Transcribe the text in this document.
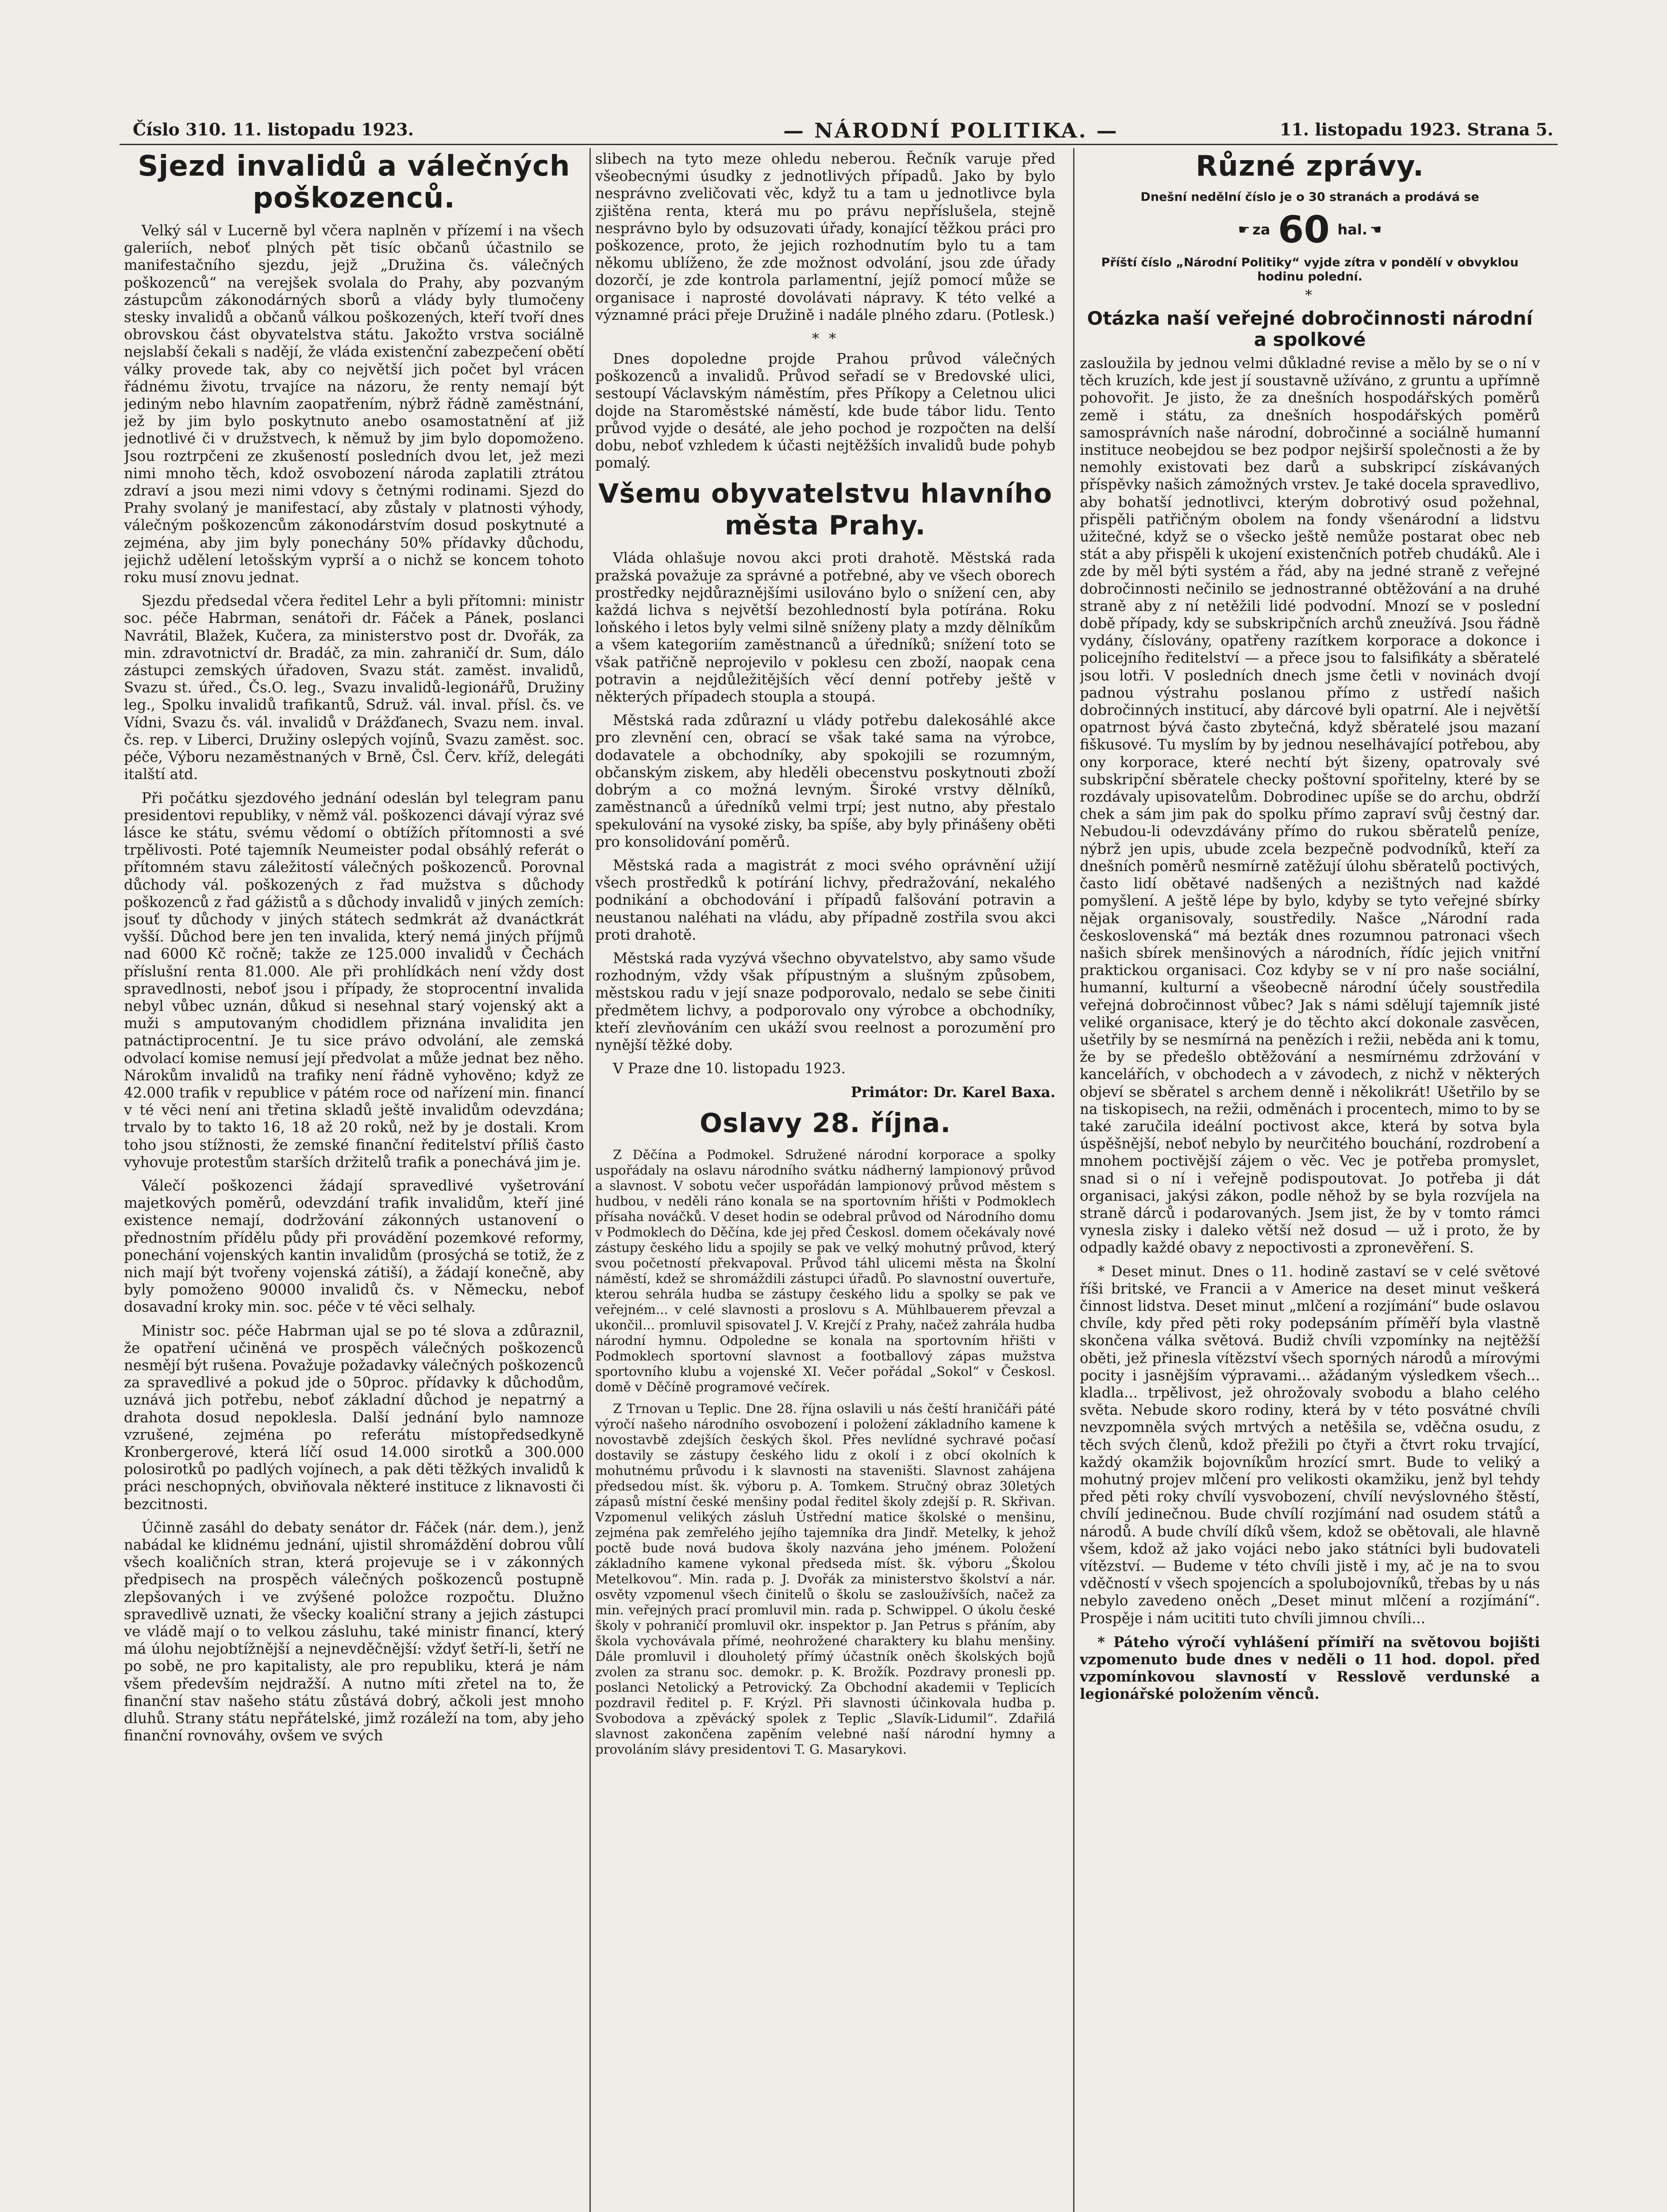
Číslo 310. 11. listopadu 1923.	— NÁRODNÍ POLITIKA. —	11. listopadu 1923. Strana 5.
Sjezd invalidů a válečných poškozenců.

Velký sál v Lucerně byl včera naplněn v přízemí i na všech galeriích, neboť plných pět tisíc občanů účastnilo se manifestačního sjezdu, jejž „Družina čs. válečných poškozenců“ na verejšek svolala do Prahy, aby pozvaným zástupcům zákonodárných sborů a vlády byly tlumočeny stesky invalidů a občanů válkou poškozených, kteří tvoří dnes obrovskou část obyvatelstva státu. Jakožto vrstva sociálně nejslabší čekali s nadějí, že vláda existenční zabezpečení obětí války provede tak, aby co největší jich počet byl vrácen řádnému životu, trvajíce na názoru, že renty nemají být jediným nebo hlavním zaopatřením, nýbrž řádně zaměstnání, jež by jim bylo poskytnuto anebo osamostatnění ať již jednotlivé či v družstvech, k němuž by jim bylo dopomoženo. Jsou roztrpčeni ze zkušeností posledních dvou let, jež mezi nimi mnoho těch, kdož osvobození národa zaplatili ztrátou zdraví a jsou mezi nimi vdovy s četnými rodinami. Sjezd do Prahy svolaný je manifestací, aby zůstaly v platnosti výhody, válečným poškozencům zákonodárstvím dosud poskytnuté a zejména, aby jim byly ponechány 50% přídavky důchodu, jejichž udělení letošským vyprší a o nichž se koncem tohoto roku musí znovu jednat.

Sjezdu předsedal včera ředitel Lehr a byli přítomni: ministr soc. péče Habrman, senátoři dr. Fáček a Pánek, poslanci Navrátil, Blažek, Kučera, za ministerstvo post dr. Dvořák, za min. zdravotnictví dr. Bradáč, za min. zahraničí dr. Sum, dálo zástupci zemských úřadoven, Svazu stát. zaměst. invalidů, Svazu st. úřed., Čs.O. leg., Svazu invalidů-legionářů, Družiny leg., Spolku invalidů trafikantů, Sdruž. vál. inval. přísl. čs. ve Vídni, Svazu čs. vál. invalidů v Drážďanech, Svazu nem. inval. čs. rep. v Liberci, Družiny oslepých vojínů, Svazu zaměst. soc. péče, Výboru nezaměstnaných v Brně, Čsl. Červ. kříž, delegáti italští atd.

Při počátku sjezdového jednání odeslán byl telegram panu presidentovi republiky, v němž vál. poškozenci dávají výraz své lásce ke státu, svému vědomí o obtížích přítomnosti a své trpělivosti. Poté tajemník Neumeister podal obsáhlý referát o přítomném stavu záležitostí válečných poškozenců. Porovnal důchody vál. poškozených z řad mužstva s důchody poškozenců z řad gážistů a s důchody invalidů v jiných zemích: jsouť ty důchody v jiných státech sedmkrát až dvanáctkrát vyšší. Důchod bere jen ten invalida, který nemá jiných příjmů nad 6000 Kč ročně; takže ze 125.000 invalidů v Čechách příslušní renta 81.000. Ale při prohlídkách není vždy dost spravedlnosti, neboť jsou i případy, že stoprocentní invalida nebyl vůbec uznán, důkud si nesehnal starý vojenský akt a muži s amputovaným chodidlem přiznána invalidita jen patnáctiprocentní. Je tu sice právo odvolání, ale zemská odvolací komise nemusí její předvolat a může jednat bez něho. Nárokům invalidů na trafiky není řádně vyhověno; když ze 42.000 trafik v republice v pátém roce od nařízení min. financí v té věci není ani třetina skladů ještě invalidům odevzdána; trvalo by to takto 16, 18 až 20 roků, než by je dostali. Krom toho jsou stížnosti, že zemské finanční ředitelství příliš často vyhovuje protestům starších držitelů trafik a ponechává jim je.

Válečí poškozenci žádají spravedlivé vyšetrování majetkových poměrů, odevzdání trafik invalidům, kteří jiné existence nemají, dodržování zákonných ustanovení o přednostním přídělu půdy při provádění pozemkové reformy, ponechání vojenských kantin invalidům (prosýchá se totiž, že z nich mají být tvořeny vojenská zátiší), a žádají konečně, aby byly pomoženo 90000 invalidů čs. v Německu, nebof dosavadní kroky min. soc. péče v té věci selhaly.

Ministr soc. péče Habrman ujal se po té slova a zdůraznil, že opatření učiněná ve prospěch válečných poškozenců nesmějí být rušena. Považuje požadavky válečných poškozenců za spravedlivé a pokud jde o 50proc. přídavky k důchodům, uznává jich potřebu, neboť základní důchod je nepatrný a drahota dosud nepoklesla. Další jednání bylo namnoze vzrušené, zejména po referátu místopředsedkyně Kronbergerové, která líčí osud 14.000 sirotků a 300.000 polosirotků po padlých vojínech, a pak děti těžkých invalidů k práci neschopných, obviňovala některé instituce z liknavosti či bezcitnosti.

Účinně zasáhl do debaty senátor dr. Fáček (nár. dem.), jenž nabádal ke klidnému jednání, ujistil shromáždění dobrou vůlí všech koaličních stran, která projevuje se i v zákonných předpisech na prospěch válečných poškozenců postupně zlepšovaných i ve zvýšené položce rozpočtu. Dlužno spravedlivě uznati, že všecky koaliční strany a jejich zástupci ve vládě mají o to velkou zásluhu, také ministr financí, který má úlohu nejobtížnější a nejnevděčnější: vždyť šetří-li, šetří ne po sobě, ne pro kapitalisty, ale pro republiku, která je nám všem především nejdražší. A nutno míti zřetel na to, že finanční stav našeho státu zůstává dobrý, ačkoli jest mnoho dluhů. Strany státu nepřátelské, jimž rozáleží na tom, aby jeho finanční rovnováhy, ovšem ve svých

slibech na tyto meze ohledu neberou. Řečník varuje před všeobecnými úsudky z jednotlivých případů. Jako by bylo nesprávno zveličovati věc, když tu a tam u jednotlivce byla zjištěna renta, která mu po právu nepříslušela, stejně nesprávno bylo by odsuzovati úřady, konající těžkou práci pro poškozence, proto, že jejich rozhodnutím bylo tu a tam někomu ublíženo, že zde možnost odvolání, jsou zde úřady dozorčí, je zde kontrola parlamentní, jejíž pomocí může se organisace i naprosté dovolávati nápravy. K této velké a významné práci přeje Družině i nadále plného zdaru. (Potlesk.)

* *

Dnes dopoledne projde Prahou průvod válečných poškozenců a invalidů. Průvod seřadí se v Bredovské ulici, sestoupí Václavským náměstím, přes Příkopy a Celetnou ulici dojde na Staroměstské náměstí, kde bude tábor lidu. Tento průvod vyjde o desáté, ale jeho pochod je rozpočten na delší dobu, neboť vzhledem k účasti nejtěžších invalidů bude pohyb pomalý.

Všemu obyvatelstvu hlavního města Prahy.

Vláda ohlašuje novou akci proti drahotě. Městská rada pražská považuje za správné a potřebné, aby ve všech oborech prostředky nejdůraznějšími usilováno bylo o snížení cen, aby každá lichva s největší bezohledností byla potírána. Roku loňského i letos byly velmi silně sníženy platy a mzdy dělníkům a všem kategoriím zaměstnanců a úředníků; snížení toto se však patřičně neprojevilo v poklesu cen zboží, naopak cena potravin a nejdůležitějších věcí denní potřeby ještě v některých případech stoupla a stoupá.

Městská rada zdůrazní u vlády potřebu dalekosáhlé akce pro zlevnění cen, obrací se však také sama na výrobce, dodavatele a obchodníky, aby spokojili se rozumným, občanským ziskem, aby hleděli obecenstvu poskytnouti zboží dobrým a co možná levným. Široké vrstvy dělníků, zaměstnanců a úředníků velmi trpí; jest nutno, aby přestalo spekulování na vysoké zisky, ba spíše, aby byly přinášeny oběti pro konsolidování poměrů.

Městská rada a magistrát z moci svého oprávnění užijí všech prostředků k potírání lichvy, předražování, nekalého podnikání a obchodování i případů falšování potravin a neustanou naléhati na vládu, aby případně zostřila svou akci proti drahotě.

Městská rada vyzývá všechno obyvatelstvo, aby samo všude rozhodným, vždy však přípustným a slušným způsobem, městskou radu v její snaze podporovalo, nedalo se sebe činiti předmětem lichvy, a podporovalo ony výrobce a obchodníky, kteří zlevňováním cen ukáží svou reelnost a porozumění pro nynější těžké doby.

V Praze dne 10. listopadu 1923.

Primátor: Dr. Karel Baxa.

Oslavy 28. října.

Z Děčína a Podmokel. Sdružené národní korporace a spolky uspořádaly na oslavu národního svátku nádherný lampionový průvod a slavnost. V sobotu večer uspořádán lampionový průvod městem s hudbou, v neděli ráno konala se na sportovním hřišti v Podmoklech přísaha nováčků. V deset hodin se odebral průvod od Národního domu v Podmoklech do Děčína, kde jej před Českosl. domem očekávaly nové zástupy českého lidu a spojily se pak ve velký mohutný průvod, který svou početností překvapoval. Průvod táhl ulicemi města na Školní náměstí, kdež se shromáždili zástupci úřadů. Po slavnostní ouvertuře, kterou sehrála hudba se zástupy českého lidu a spolky se pak ve veřejném... v celé slavnosti a proslovu s A. Mühlbauerem převzal a ukončil... promluvil spisovatel J. V. Krejčí z Prahy, načež zahrála hudba národní hymnu. Odpoledne se konala na sportovním hřišti v Podmoklech sportovní slavnost a footballový zápas mužstva sportovního klubu a vojenské XI. Večer pořádal „Sokol“ v Českosl. domě v Děčíně programové večírek.

Z Trnovan u Teplic. Dne 28. října oslavili u nás čeští hraničáři páté výročí našeho národního osvobození i položení základního kamene k novostavbě zdejších českých škol. Přes nevlídné sychravé počasí dostavily se zástupy českého lidu z okolí i z obcí okolních k mohutnému průvodu i k slavnosti na staveništi. Slavnost zahájena předsedou míst. šk. výboru p. A. Tomkem. Stručný obraz 30letých zápasů místní české menšiny podal ředitel školy zdejší p. R. Skřivan. Vzpomenul velikých zásluh Ústřední matice školské o menšinu, zejména pak zemřelého jejího tajemníka dra Jindř. Metelky, k jehož poctě bude nová budova školy nazvána jeho jménem. Položení základního kamene vykonal předseda míst. šk. výboru „Školou Metelkovou“. Min. rada p. J. Dvořák za ministerstvo školství a nár. osvěty vzpomenul všech činitelů o školu se zasloužívších, načež za min. veřejných prací promluvil min. rada p. Schwippel. O úkolu české školy v pohraničí promluvil okr. inspektor p. Jan Petrus s přáním, aby škola vychovávala přímé, neohrožené charaktery ku blahu menšiny. Dále promluvil i dlouholetý přímý účastník oněch školských bojů zvolen za stranu soc. demokr. p. K. Brožík. Pozdravy pronesli pp. poslanci Netolický a Petrovický. Za Obchodní akademii v Teplicích pozdravil ředitel p. F. Krýzl. Při slavnosti účinkovala hudba p. Svobodova a zpěvácký spolek z Teplic „Slavík-Lidumil“. Zdařilá slavnost zakončena zapěním velebné naší národní hymny a provoláním slávy presidentovi T. G. Masarykovi.

Různé zprávy.
Dnešní nedělní číslo je o 30 stranách a prodává se
☛ za 60 hal. ☚
Příští číslo „Národní Politiky“ vyjde zítra v pondělí v obvyklou hodinu polední.
*
Otázka naší veřejné dobročinnosti národní a spolkové

zasloužila by jednou velmi důkladné revise a mělo by se o ní v těch kruzích, kde jest jí soustavně užíváno, z gruntu a upřímně pohovořit. Je jisto, že za dnešních hospodářských poměrů země i státu, za dnešních hospodářských poměrů samosprávních naše národní, dobročinné a sociálně humanní instituce neobejdou se bez podpor nejširší společnosti a že by nemohly existovati bez darů a subskripcí získávaných příspěvky našich zámožných vrstev. Je také docela spravedlivo, aby bohatší jednotlivci, kterým dobrotivý osud požehnal, přispěli patřičným obolem na fondy všenárodní a lidstvu užitečné, když se o všecko ještě nemůže postarat obec neb stát a aby přispěli k ukojení existenčních potřeb chudáků. Ale i zde by měl býti systém a řád, aby na jedné straně z veřejné dobročinnosti nečinilo se jednostranné obtěžování a na druhé straně aby z ní netěžili lidé podvodní. Mnozí se v poslední době případy, kdy se subskripčních archů zneužívá. Jsou řádně vydány, číslovány, opatřeny razítkem korporace a dokonce i policejního ředitelství — a přece jsou to falsifikáty a sběratelé jsou lotři. V posledních dnech jsme četli v novinách dvojí padnou výstrahu poslanou přímo z ustředí našich dobročinných institucí, aby dárcové byli opatrní. Ale i největší opatrnost bývá často zbytečná, když sběratelé jsou mazaní fiškusové. Tu myslím by by jednou neselhávající potřebou, aby ony korporace, které nechtí být šizeny, opatrovaly své subskripční sběratele checky poštovní spořitelny, které by se rozdávaly upisovatelům. Dobrodinec upíše se do archu, obdrží chek a sám jim pak do spolku přímo zapraví svůj čestný dar. Nebudou-li odevzdávány přímo do rukou sběratelů peníze, nýbrž jen upis, ubude zcela bezpečně podvodníků, kteří za dnešních poměrů nesmírně zatěžují úlohu sběratelů poctivých, často lidí obětavé nadšených a nezištných nad každé pomyšlení. A ještě lépe by bylo, kdyby se tyto veřejné sbírky nějak organisovaly, soustředily. Našce „Národní rada československá“ má bezták dnes rozumnou patronaci všech našich sbírek menšinových a národních, řídíc jejich vnitřní praktickou organisaci. Coz kdyby se v ní pro naše sociální, humanní, kulturní a všeobecně národní účely soustředila veřejná dobročinnost vůbec? Jak s námi sdělují tajemník jisté veliké organisace, který je do těchto akcí dokonale zasvěcen, ušetřily by se nesmírná na penězích i režii, neběda ani k tomu, že by se předešlo obtěžování a nesmírnému zdržování v kancelářích, v obchodech a v závodech, z nichž v některých objeví se sběratel s archem denně i několikrát! Ušetřilo by se na tiskopisech, na režii, odměnách i procentech, mimo to by se také zaručila ideální poctivost akce, která by sotva byla úspěšnější, neboť nebylo by neurčitého bouchání, rozdrobení a mnohem poctivější zájem o věc. Vec je potřeba promyslet, snad si o ní i veřejně podispoutovat. Jo potřeba ji dát organisaci, jakýsi zákon, podle něhož by se byla rozvíjela na straně dárců i podarovaných. Jsem jist, že by v tomto rámci vynesla zisky i daleko větší než dosud — už i proto, že by odpadly každé obavy z nepoctivosti a zpronevěření. S.

* Deset minut. Dnes o 11. hodině zastaví se v celé světové říši britské, ve Francii a v Americe na deset minut veškerá činnost lidstva. Deset minut „mlčení a rozjímání“ bude oslavou chvíle, kdy před pěti roky podepsáním příměří byla vlastně skončena válka světová. Budiž chvíli vzpomínky na nejtěžší oběti, jež přinesla vítězství všech sporných národů a mírovými pocity i jasnějším výpravami... ažádaným výsledkem všech... kladla... trpělivost, jež ohrožovaly svobodu a blaho celého světa. Nebude skoro rodiny, která by v této posvátné chvíli nevzpomněla svých mrtvých a netěšila se, vděčna osudu, z těch svých členů, kdož přežili po čtyři a čtvrt roku trvající, každý okamžik bojovníkům hrozící smrt. Bude to veliký a mohutný projev mlčení pro velikosti okamžiku, jenž byl tehdy před pěti roky chvílí vysvobození, chvílí nevýslovného štěstí, chvílí jedinečnou. Bude chvílí rozjímání nad osudem států a národů. A bude chvílí díků všem, kdož se obětovali, ale hlavně všem, kdož až jako vojáci nebo jako státníci byli budovateli vítězství. — Budeme v této chvíli jistě i my, ač je na to svou vděčností v všech spojencích a spolubojovníků, třebas by u nás nebylo zavedeno oněch „Deset minut mlčení a rozjímání“. Prospěje i nám ucititi tuto chvíli jimnou chvíli...

* Páteho výročí vyhlášení přímiří na světovou bojišti vzpomenuto bude dnes v neděli o 11 hod. dopol. před vzpomínkovou slavností v Resslově verdunské a legionářské položením věnců.
